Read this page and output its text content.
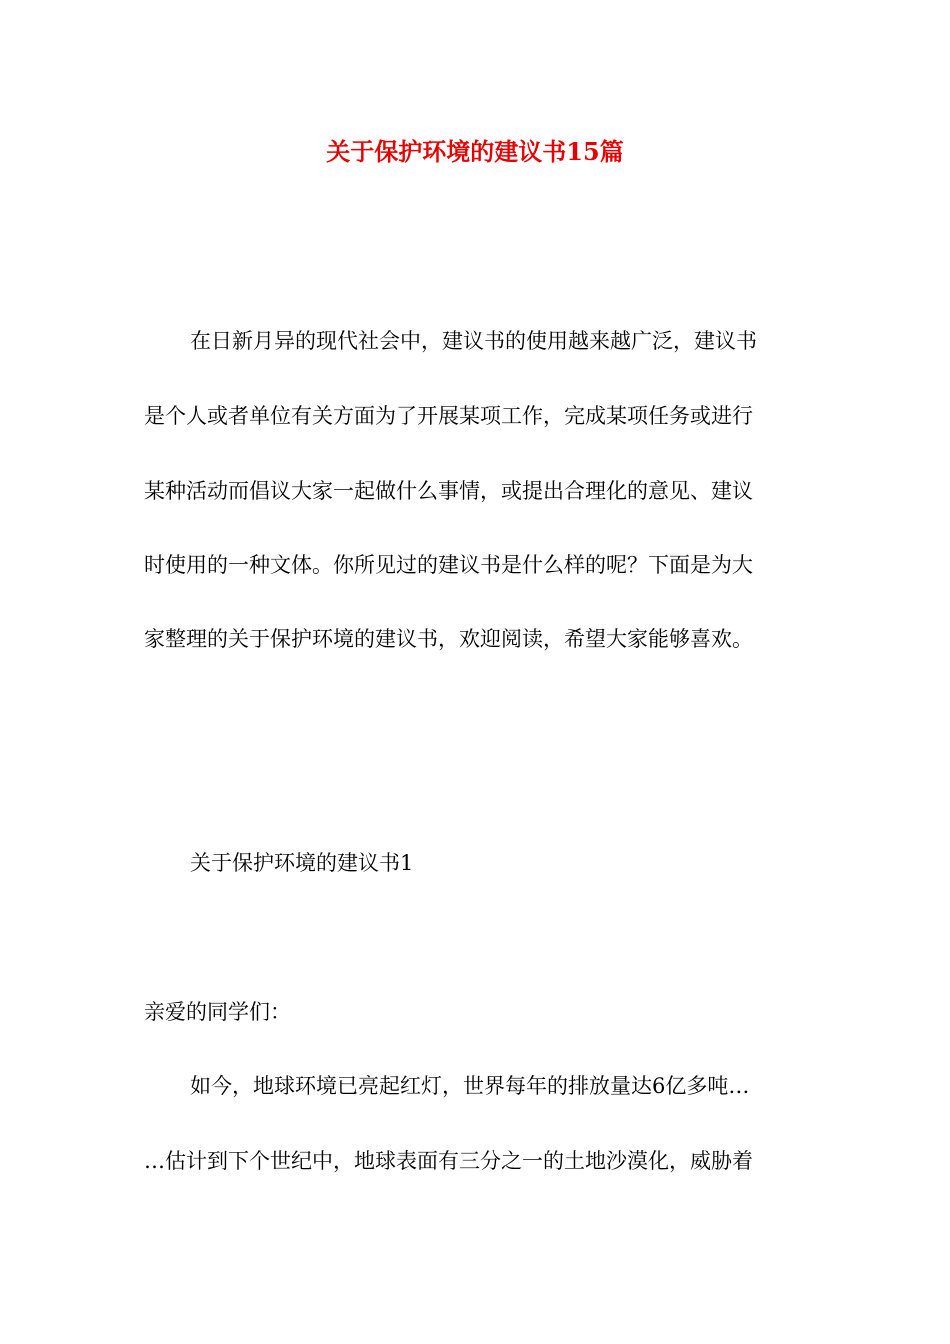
关于保护环境的建议书15篇
在日新月异的现代社会中，建议书的使用越来越广泛，建议书
是个人或者单位有关方面为了开展某项工作，完成某项任务或进行
某种活动而倡议大家一起做什么事情，或提出合理化的意见、建议
时使用的一种文体。你所见过的建议书是什么样的呢？下面是为大
家整理的关于保护环境的建议书，欢迎阅读，希望大家能够喜欢。
关于保护环境的建议书1
亲爱的同学们：
如今，地球环境已亮起红灯，世界每年的排放量达6亿多吨…
…估计到下个世纪中，地球表面有三分之一的土地沙漠化，威胁着
